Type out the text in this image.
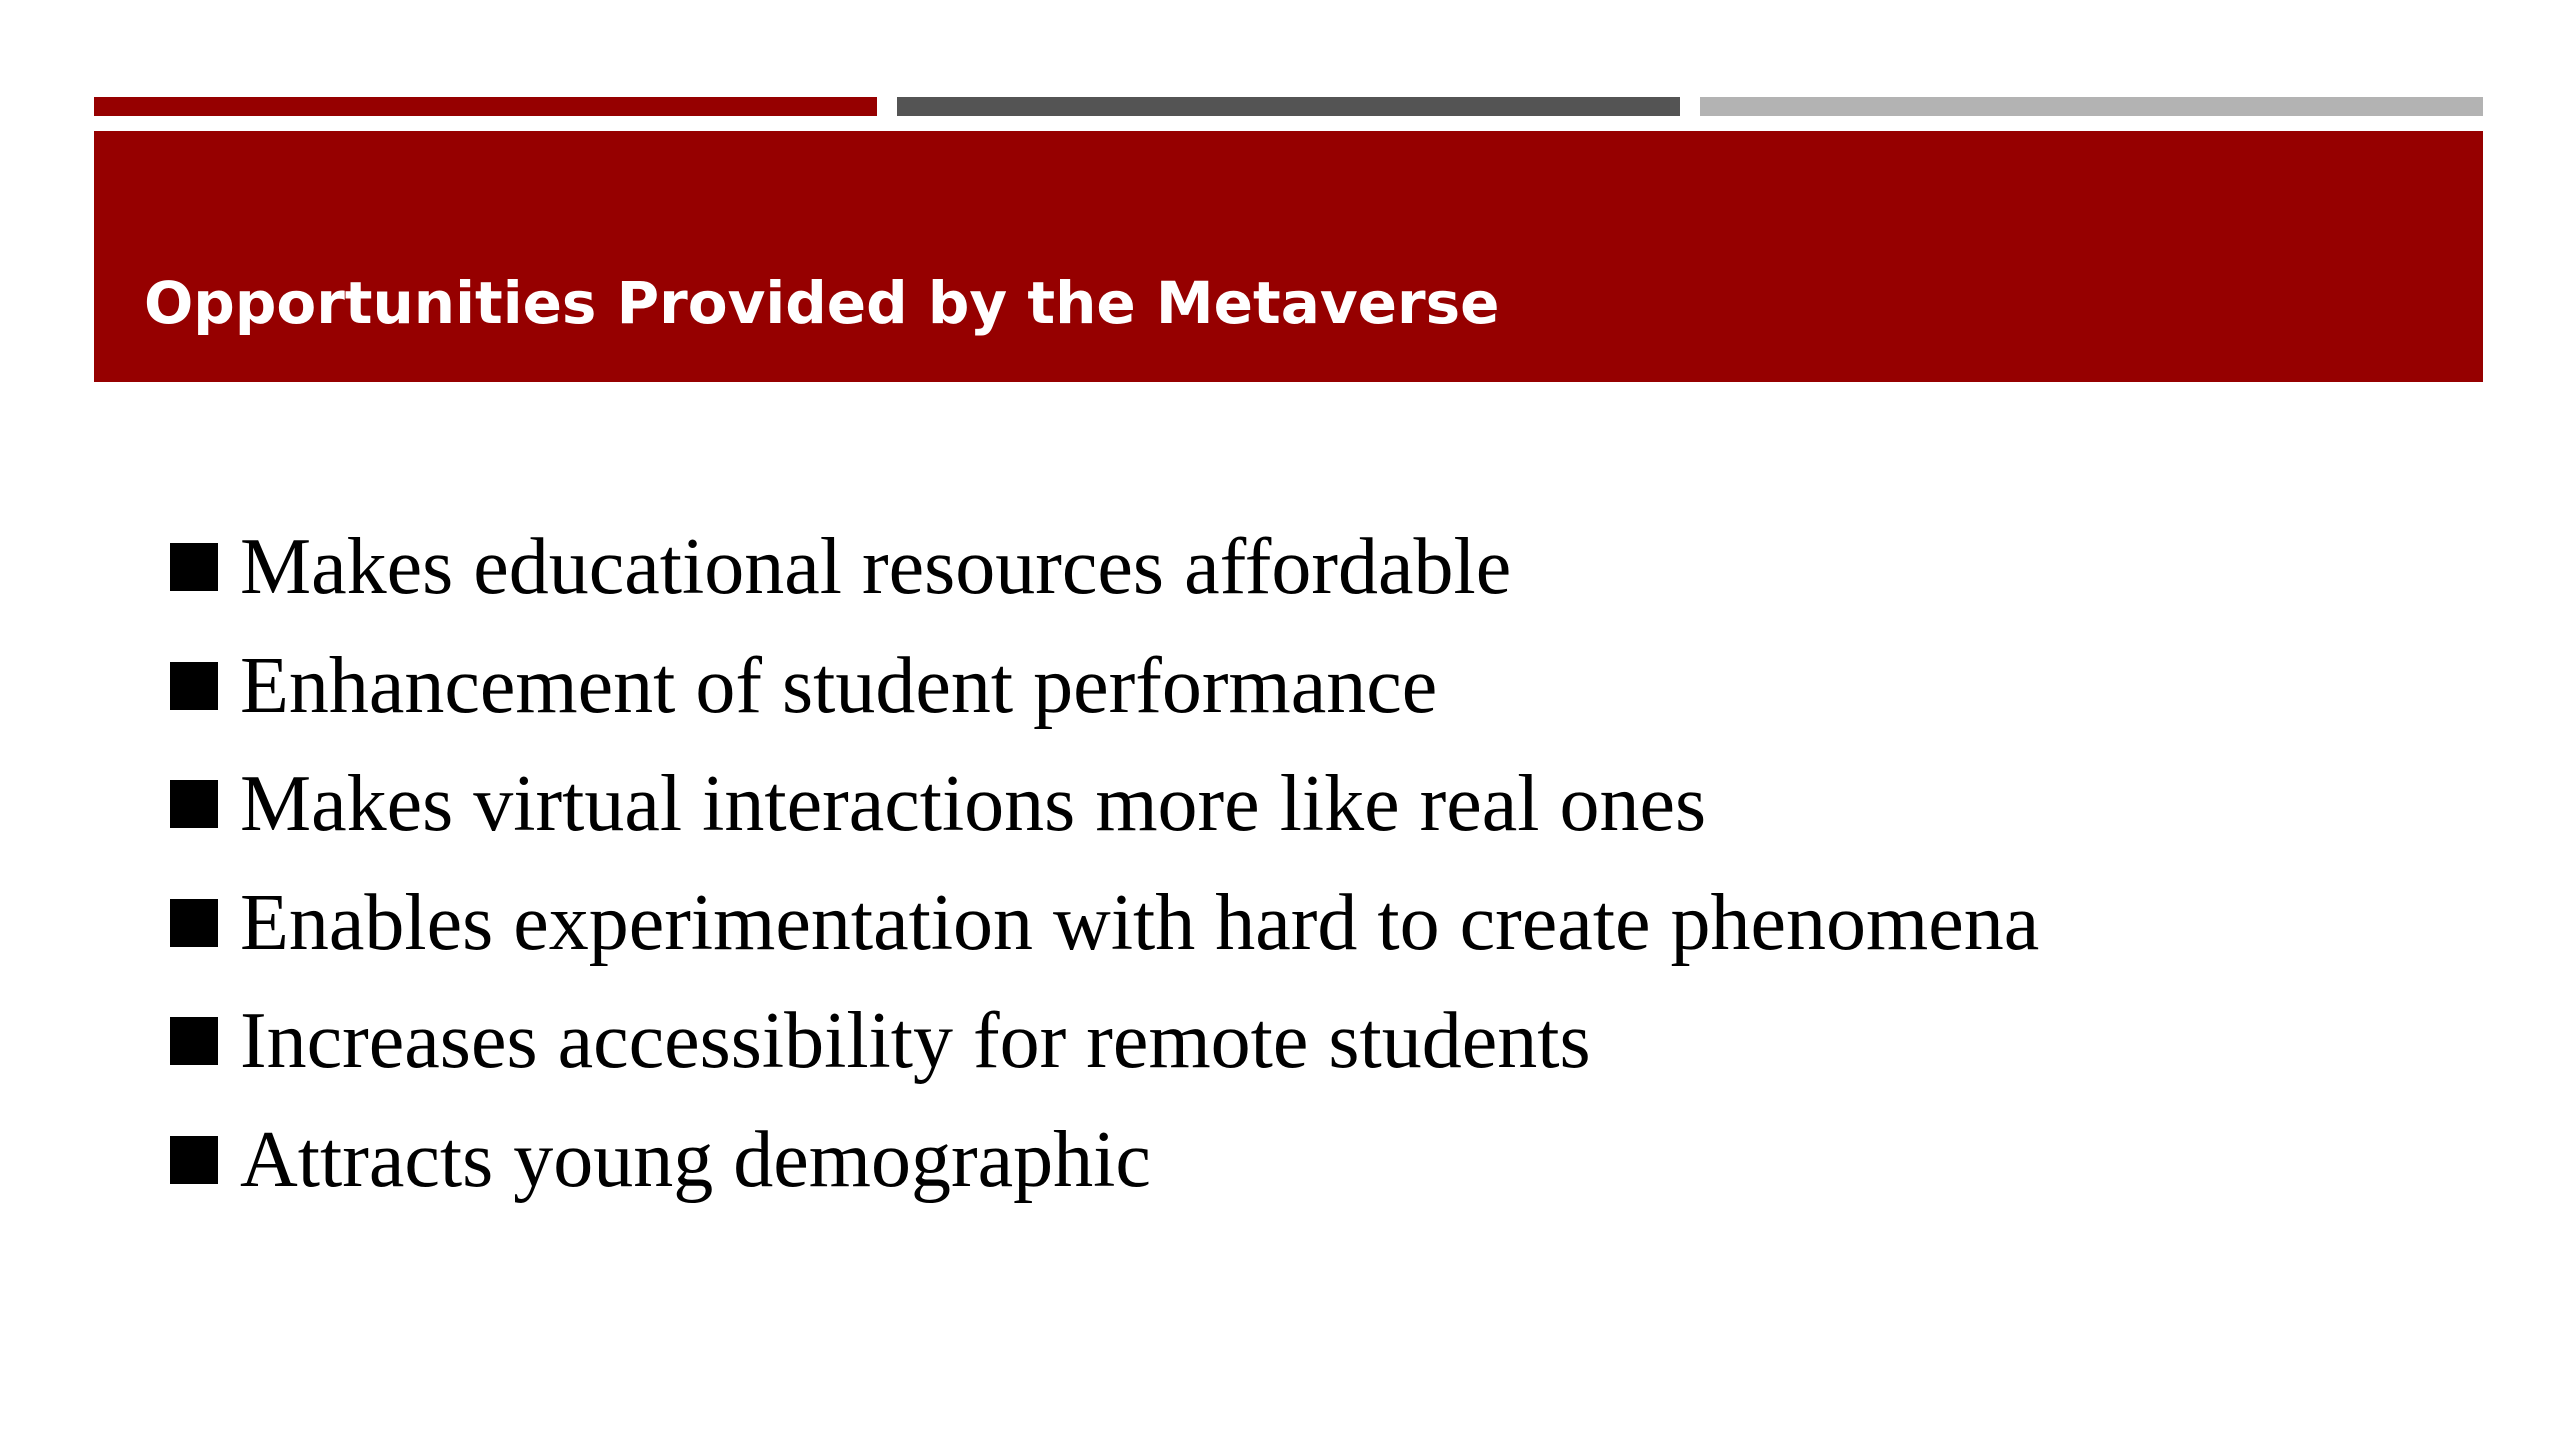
Opportunities Provided by the Metaverse
Makes educational resources affordable
Enhancement of student performance
Makes virtual interactions more like real ones
Enables experimentation with hard to create phenomena
Increases accessibility for remote students
Attracts young demographic
